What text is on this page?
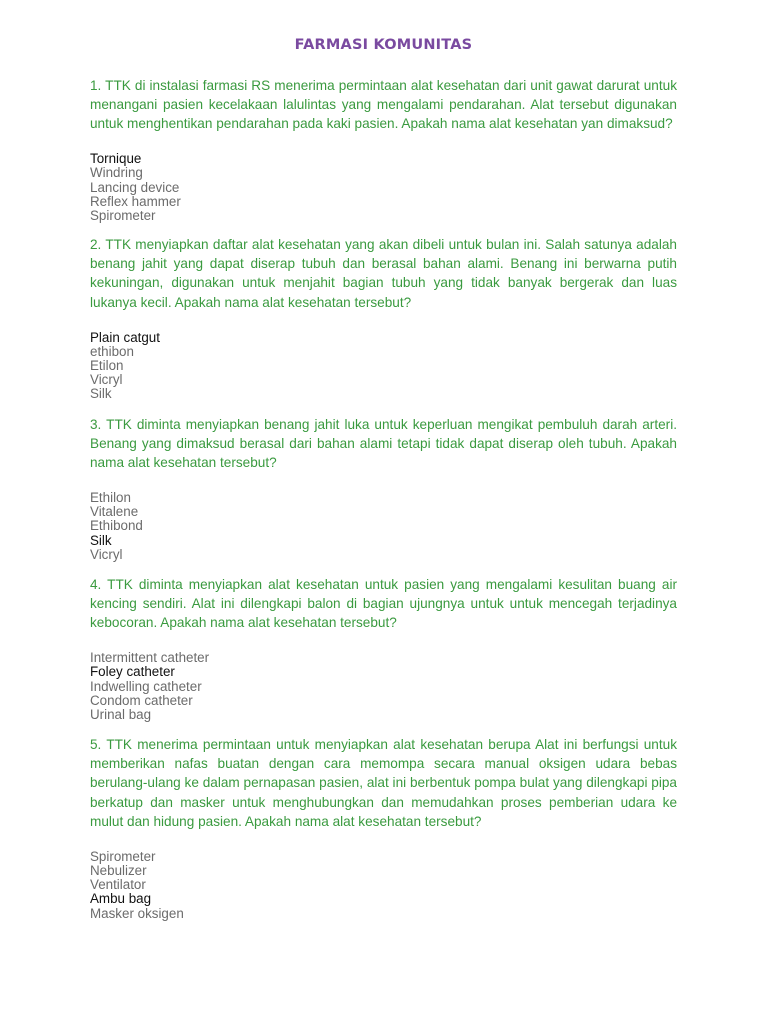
FARMASI KOMUNITAS

1. TTK di instalasi farmasi RS menerima permintaan alat kesehatan dari unit gawat darurat untuk menangani pasien kecelakaan lalulintas yang mengalami pendarahan. Alat tersebut digunakan untuk menghentikan pendarahan pada kaki pasien. Apakah nama alat kesehatan yan dimaksud?

Tornique
Windring
Lancing device
Reflex hammer
Spirometer

2. TTK menyiapkan daftar alat kesehatan yang akan dibeli untuk bulan ini. Salah satunya adalah benang jahit yang dapat diserap tubuh dan berasal bahan alami. Benang ini berwarna putih kekuningan, digunakan untuk menjahit bagian tubuh yang tidak banyak bergerak dan luas lukanya kecil. Apakah nama alat kesehatan tersebut?

Plain catgut
ethibon
Etilon
Vicryl
Silk

3. TTK diminta menyiapkan benang jahit luka untuk keperluan mengikat pembuluh darah arteri. Benang yang dimaksud berasal dari bahan alami tetapi tidak dapat diserap oleh tubuh. Apakah nama alat kesehatan tersebut?

Ethilon
Vitalene
Ethibond
Silk
Vicryl

4. TTK diminta menyiapkan alat kesehatan untuk pasien yang mengalami kesulitan buang air kencing sendiri. Alat ini dilengkapi balon di bagian ujungnya untuk untuk mencegah terjadinya kebocoran. Apakah nama alat kesehatan tersebut?

Intermittent catheter
Foley catheter
Indwelling catheter
Condom catheter
Urinal bag

5. TTK menerima permintaan untuk menyiapkan alat kesehatan berupa Alat ini berfungsi untuk memberikan nafas buatan dengan cara memompa secara manual oksigen udara bebas berulang-ulang ke dalam pernapasan pasien, alat ini berbentuk pompa bulat yang dilengkapi pipa berkatup dan masker untuk menghubungkan dan memudahkan proses pemberian udara ke mulut dan hidung pasien. Apakah nama alat kesehatan tersebut?

Spirometer
Nebulizer
Ventilator
Ambu bag
Masker oksigen
